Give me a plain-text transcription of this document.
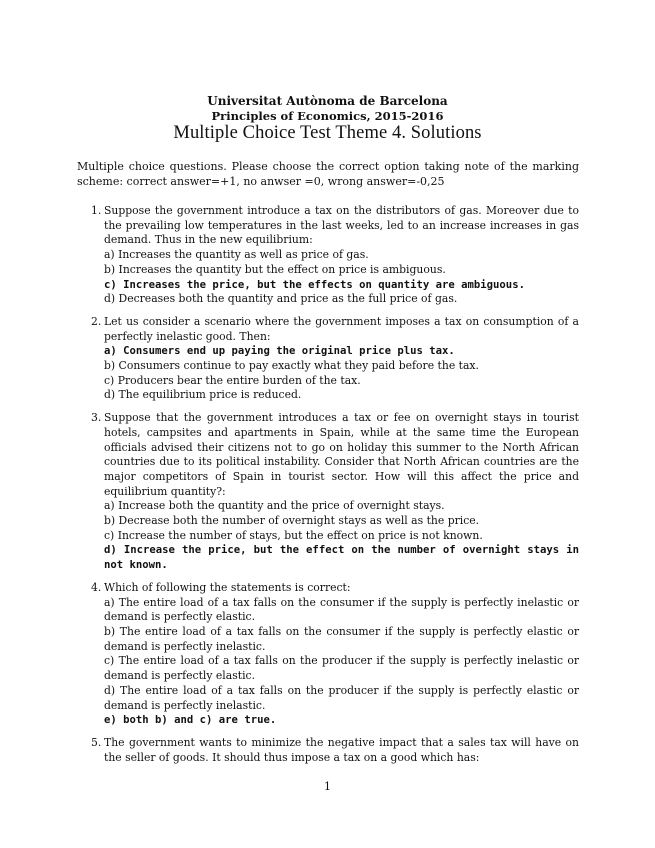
Universitat Autònoma de Barcelona
Principles of Economics, 2015-2016
Multiple Choice Test Theme 4. Solutions
Multiple choice questions. Please choose the correct option taking note of the marking scheme: correct answer=+1, no anwser =0, wrong answer=-0,25
1. Suppose the government introduce a tax on the distributors of gas. Moreover due to the prevailing low temperatures in the last weeks, led to an increase increases in gas demand. Thus in the new equilibrium:
a) Increases the quantity as well as price of gas.
b) Increases the quantity but the effect on price is ambiguous.
c) Increases the price, but the effects on quantity are ambiguous.
d) Decreases both the quantity and price as the full price of gas.
2. Let us consider a scenario where the government imposes a tax on consumption of a perfectly inelastic good. Then:
a) Consumers end up paying the original price plus tax.
b) Consumers continue to pay exactly what they paid before the tax.
c) Producers bear the entire burden of the tax.
d) The equilibrium price is reduced.
3. Suppose that the government introduces a tax or fee on overnight stays in tourist hotels, campsites and apartments in Spain, while at the same time the European officials advised their citizens not to go on holiday this summer to the North African countries due to its political instability. Consider that North African countries are the major competitors of Spain in tourist sector. How will this affect the price and equilibrium quantity?:
a) Increase both the quantity and the price of overnight stays.
b) Decrease both the number of overnight stays as well as the price.
c) Increase the number of stays, but the effect on price is not known.
d) Increase the price, but the effect on the number of overnight stays in not known.
4. Which of following the statements is correct:
a) The entire load of a tax falls on the consumer if the supply is perfectly inelastic or demand is perfectly elastic.
b) The entire load of a tax falls on the consumer if the supply is perfectly elastic or demand is perfectly inelastic.
c) The entire load of a tax falls on the producer if the supply is perfectly inelastic or demand is perfectly elastic.
d) The entire load of a tax falls on the producer if the supply is perfectly elastic or demand is perfectly inelastic.
e) both b) and c) are true.
5. The government wants to minimize the negative impact that a sales tax will have on the seller of goods. It should thus impose a tax on a good which has:
1
